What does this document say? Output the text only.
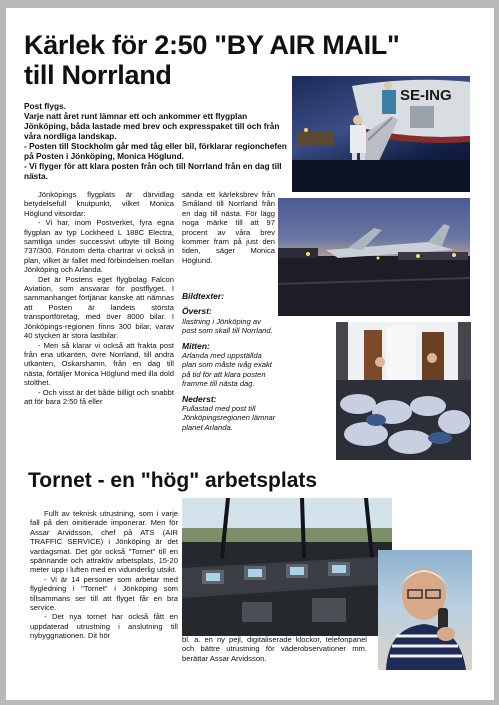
Kärlek för 2:50 "BY AIR MAIL"
till Norrland

Post flygs.

Varje natt året runt lämnar ett och ankommer ett flygplan Jönköping, båda lastade med brev och expresspaket till och från våra nordliga landskap.

- Posten till Stockholm går med tåg eller bil, förklarar regionchefen på Posten i Jönköping, Monica Höglund.

- Vi flyger för att klara posten från och till Norrland från en dag till nästa.

SE-ING

Jönköpings flygplats är därvidlag betydelsefull knutpunkt, vilket Monica Höglund vitsordar:

- Vi har, inom Postverket, fyra egna flygplan av typ Lockheed L 188C Electra, samtliga under successivt utbyte till Boing 737/300. Förutom detta chartrar vi också in plan, vilket är fallet med förbindelsen mellan Jönköping och Arlanda.

Det är Postens eget flygbolag Falcon Aviation, som ansvarar för postflyget. I sammanhanget förtjänar kanske att nämnas att Posten är landets största transportföretag, med över 8000 bilar. I Jönköpings-regionen finns 300 bilar, varav 40 stycken är stora lastbilar.

- Men så klarar vi också att frakta post från ena utkanten, övre Norrland, till andra utkanten, Oskarshamn, från en dag till nästa, förtäljer Monica Höglund med illa dold stolthet.

- Och visst är det både billigt och snabbt att för bara 2:50 få eller

sända ett kärleksbrev från Småland till Norrland från en dag till nästa. För lägg noga märke till att 97 procent av våra brev kommer fram på just den tiden, säger Monica Höglund.

Bildtexter:

Överst:
Ilastning i Jönköping av post som skall till Norrland.

Mitten:
Arlanda med uppställda plan som måste ivåg exakt på tid för att klara posten framme till nästa dag.

Nederst:
Fullastad med post till Jönköpingsregionen lämnar planet Arlanda.

Tornet - en "hög" arbetsplats

Fullt av teknisk utrustning, som i varje fall på den oinitierade imponerar. Men för Assar Arvidsson, chef på ATS (AIR TRAFFIC SERVICE) i Jönköping är det vardagsmat. Det gör också "Tornet" till en spännande och attraktiv arbetsplats, 15-20 meter upp i luften med en vidunderlig utsikt.

- Vi är 14 personer som arbetar med flygledning i "Tornet" i Jönköping som tillsammans ser till att flyget får en bra service.

- Det nya tornet har också fått en uppdaterad utrustning i anslutning till nybyggnationen. Dit hör	bl. a. en ny pejl, digitaliserade klockor, telefonpanel och bättre utrustning för väderobservationer mm. berättar Assar Arvidsson.
